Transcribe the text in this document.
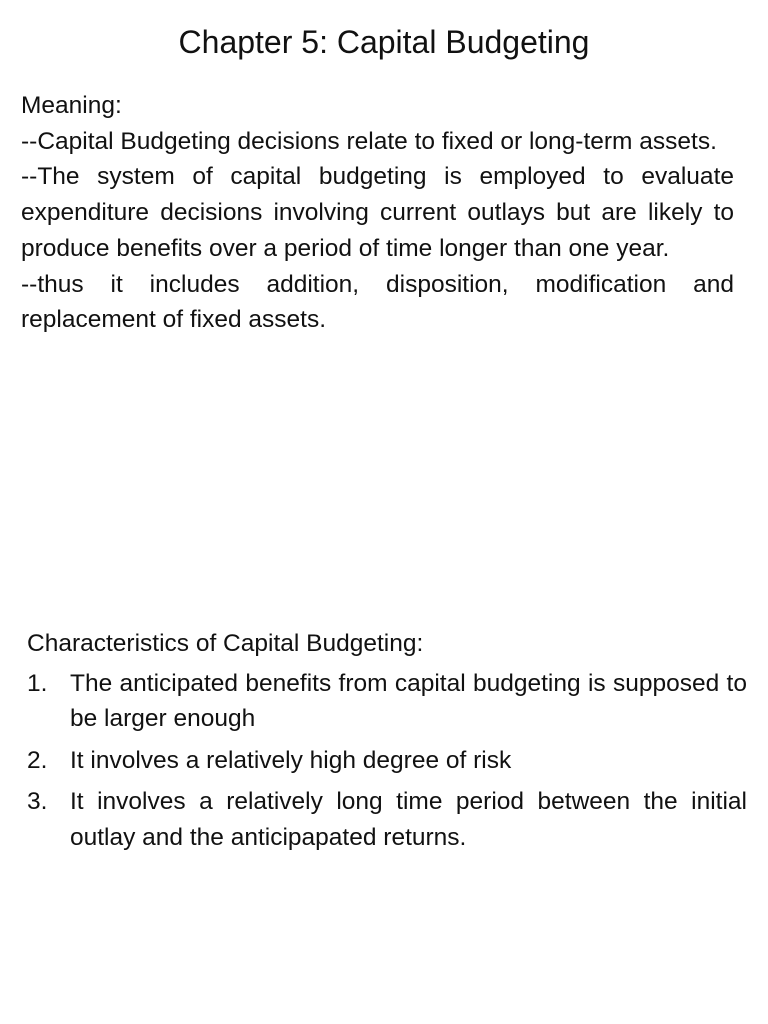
Chapter 5: Capital Budgeting

Meaning:

--Capital Budgeting decisions relate to fixed or long-term assets.

--The system of capital budgeting is employed to evaluate expenditure decisions involving current outlays but are likely to produce benefits over a period of time longer than one year.

--thus it includes addition, disposition, modification and replacement of fixed assets.

Characteristics of Capital Budgeting:

1. The anticipated benefits from capital budgeting is supposed to be larger enough
2. It involves a relatively high degree of risk
3. It involves a relatively long time period between the initial outlay and the anticipapated returns.
